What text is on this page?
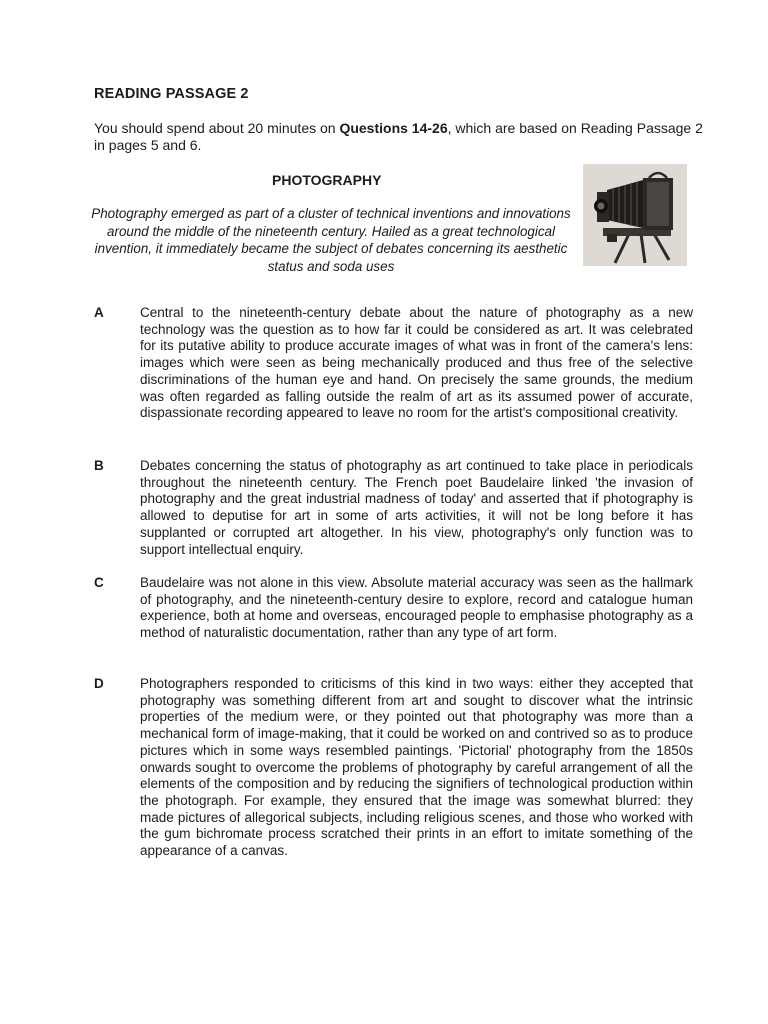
READING PASSAGE 2
You should spend about 20 minutes on Questions 14-26, which are based on Reading Passage 2 in pages 5 and 6.
PHOTOGRAPHY
Photography emerged as part of a cluster of technical inventions and innovations around the middle of the nineteenth century. Hailed as a great technological invention, it immediately became the subject of debates concerning its aesthetic status and soda uses
A	Central to the nineteenth-century debate about the nature of photography as a new technology was the question as to how far it could be considered as art. It was celebrated for its putative ability to produce accurate images of what was in front of the camera's lens: images which were seen as being mechanically produced and thus free of the selective discriminations of the human eye and hand. On precisely the same grounds, the medium was often regarded as falling outside the realm of art as its assumed power of accurate, dispassionate recording appeared to leave no room for the artist's compositional creativity.
B	Debates concerning the status of photography as art continued to take place in periodicals throughout the nineteenth century. The French poet Baudelaire linked 'the invasion of photography and the great industrial madness of today' and asserted that if photography is allowed to deputise for art in some of arts activities, it will not be long before it has supplanted or corrupted art altogether. In his view, photography's only function was to support intellectual enquiry.
C	Baudelaire was not alone in this view. Absolute material accuracy was seen as the hallmark of photography, and the nineteenth-century desire to explore, record and catalogue human experience, both at home and overseas, encouraged people to emphasise photography as a method of naturalistic documentation, rather than any type of art form.
D	Photographers responded to criticisms of this kind in two ways: either they accepted that photography was something different from art and sought to discover what the intrinsic properties of the medium were, or they pointed out that photography was more than a mechanical form of image-making, that it could be worked on and contrived so as to produce pictures which in some ways resembled paintings. 'Pictorial' photography from the 1850s onwards sought to overcome the problems of photography by careful arrangement of all the elements of the composition and by reducing the signifiers of technological production within the photograph. For example, they ensured that the image was somewhat blurred: they made pictures of allegorical subjects, including religious scenes, and those who worked with the gum bichromate process scratched their prints in an effort to imitate something of the appearance of a canvas.
